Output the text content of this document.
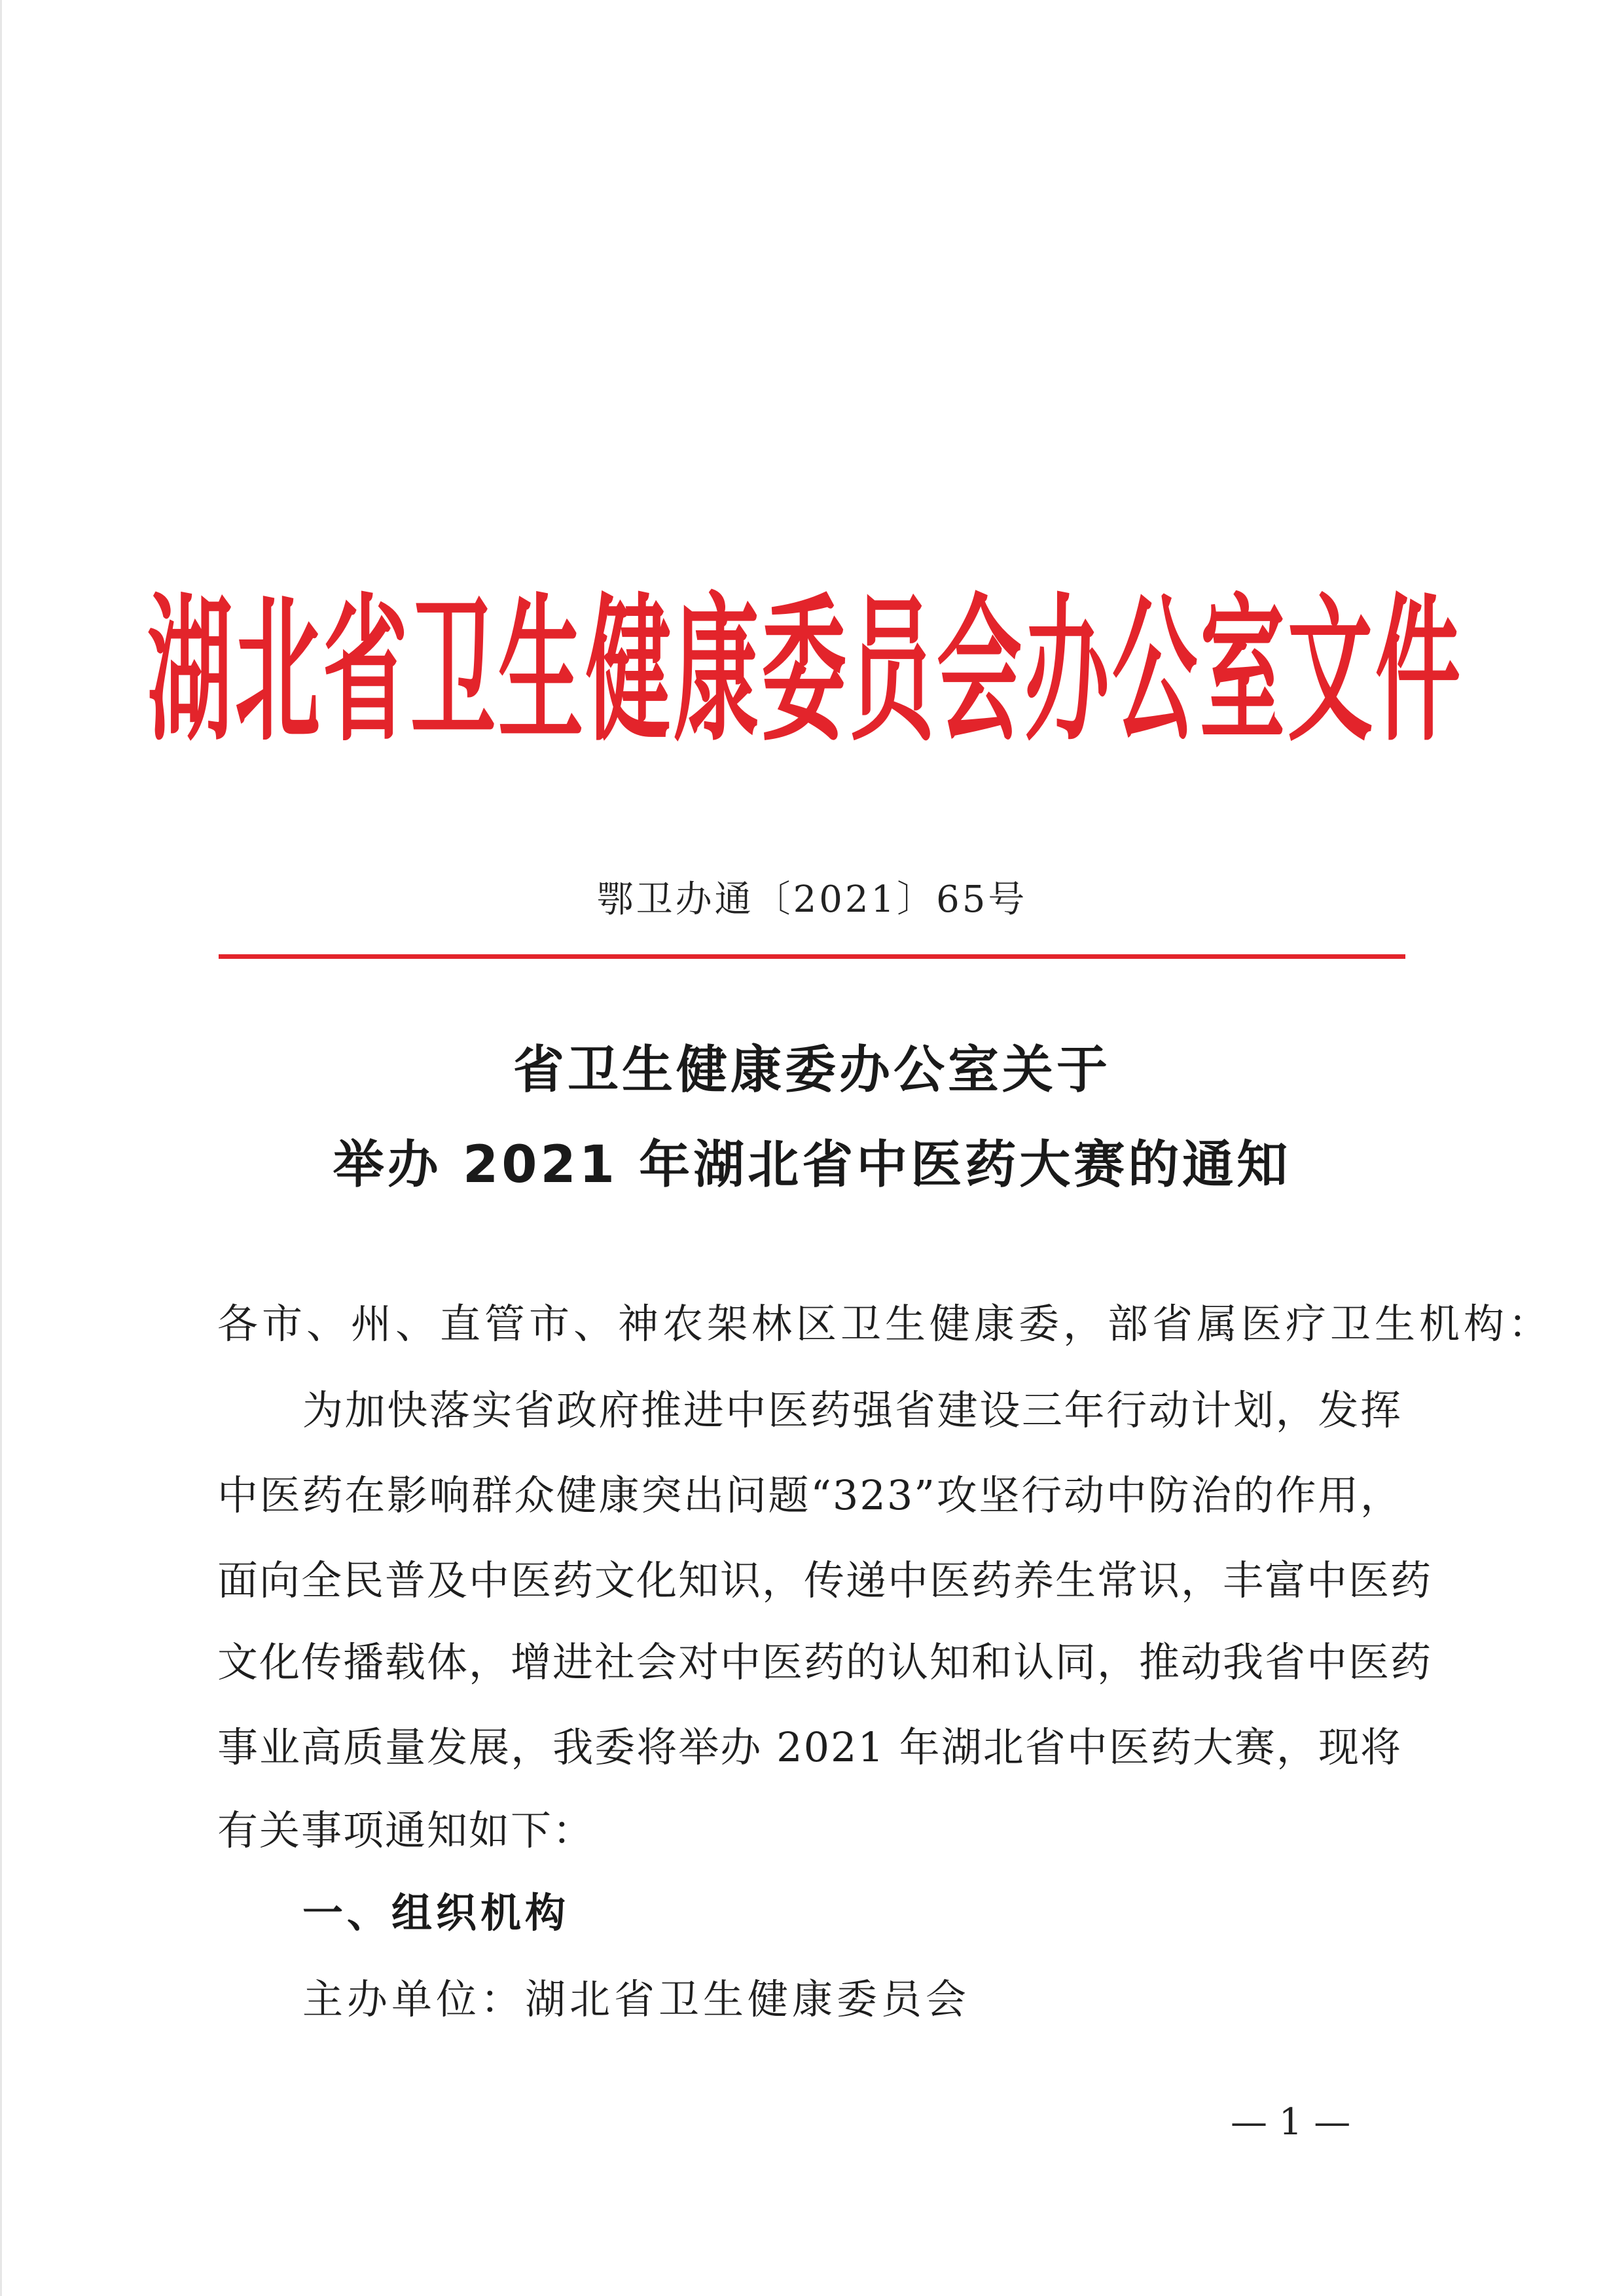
湖北省卫生健康委员会办公室文件
鄂卫办通〔2021〕65号
省卫生健康委办公室关于
举办 2021 年湖北省中医药大赛的通知
各市、州、直管市、神农架林区卫生健康委，部省属医疗卫生机构：
为加快落实省政府推进中医药强省建设三年行动计划，发挥
中医药在影响群众健康突出问题“323”攻坚行动中防治的作用，
面向全民普及中医药文化知识，传递中医药养生常识，丰富中医药
文化传播载体，增进社会对中医药的认知和认同，推动我省中医药
事业高质量发展，我委将举办 2021 年湖北省中医药大赛，现将
有关事项通知如下：
一、组织机构
主办单位：湖北省卫生健康委员会
— 1 —
